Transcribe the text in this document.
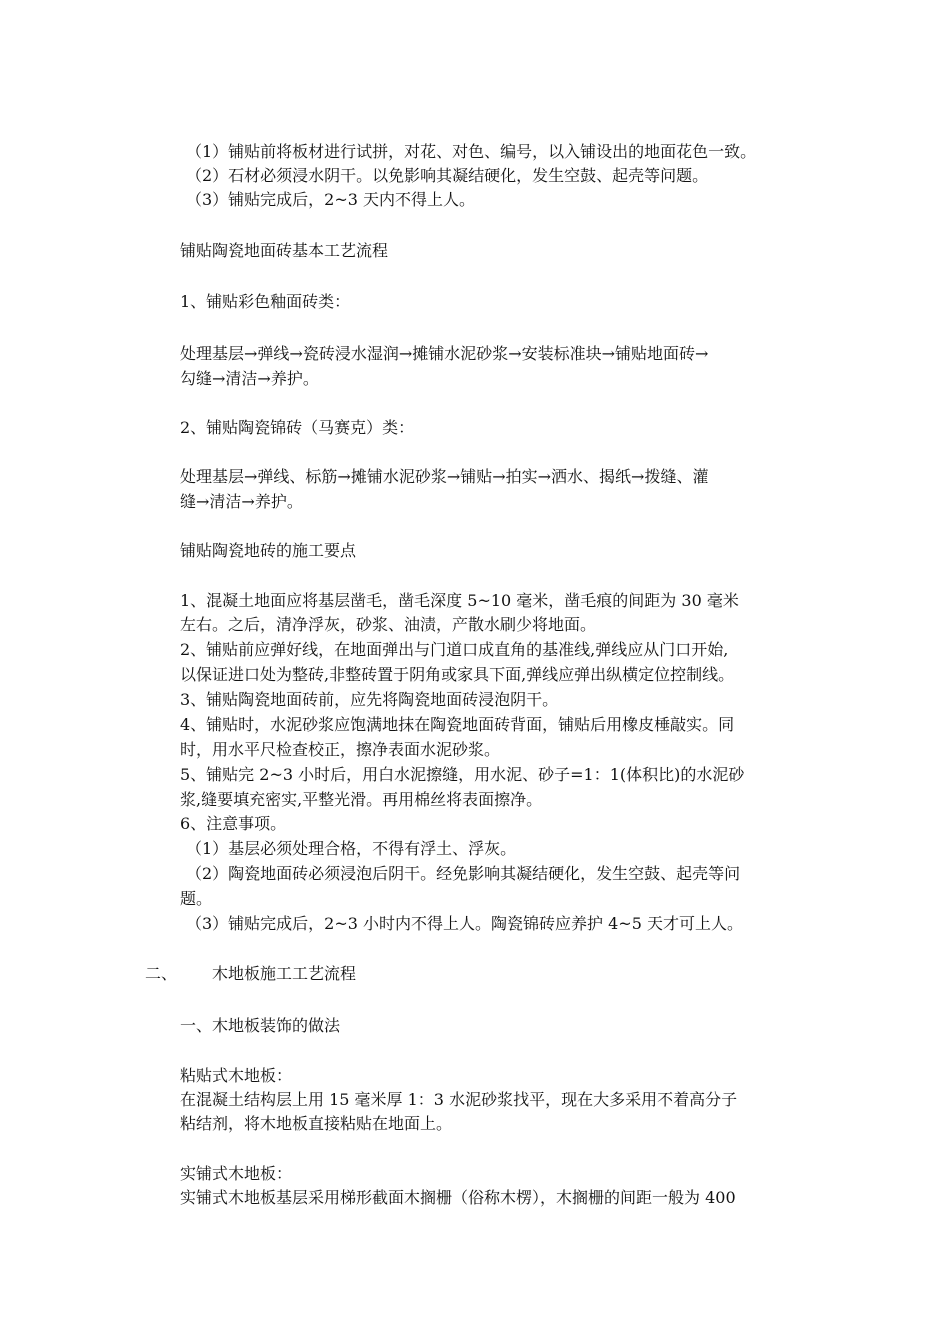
（1）铺贴前将板材进行试拼，对花、对色、编号，以入铺设出的地面花色一致。
（2）石材必须浸水阴干。以免影响其凝结硬化，发生空鼓、起壳等问题。
（3）铺贴完成后，2~3 天内不得上人。
铺贴陶瓷地面砖基本工艺流程
1、铺贴彩色釉面砖类：
处理基层→弹线→瓷砖浸水湿润→摊铺水泥砂浆→安装标准块→铺贴地面砖→
勾缝→清洁→养护。
2、铺贴陶瓷锦砖（马赛克）类：
处理基层→弹线、标筋→摊铺水泥砂浆→铺贴→拍实→洒水、揭纸→拨缝、灌
缝→清洁→养护。
铺贴陶瓷地砖的施工要点
1、混凝土地面应将基层凿毛，凿毛深度 5~10 毫米，凿毛痕的间距为 30 毫米
左右。之后，清净浮灰，砂浆、油渍，产散水刷少将地面。
2、铺贴前应弹好线，在地面弹出与门道口成直角的基准线,弹线应从门口开始,
以保证进口处为整砖,非整砖置于阴角或家具下面,弹线应弹出纵横定位控制线。
3、铺贴陶瓷地面砖前，应先将陶瓷地面砖浸泡阴干。
4、铺贴时，水泥砂浆应饱满地抹在陶瓷地面砖背面，铺贴后用橡皮棰敲实。同
时，用水平尺检查校正，擦净表面水泥砂浆。
5、铺贴完 2~3 小时后，用白水泥擦缝，用水泥、砂子=1：1(体积比)的水泥砂
浆,缝要填充密实,平整光滑。再用棉丝将表面擦净。
6、注意事项。
（1）基层必须处理合格，不得有浮土、浮灰。
（2）陶瓷地面砖必须浸泡后阴干。经免影响其凝结硬化，发生空鼓、起壳等问
题。
（3）铺贴完成后，2~3 小时内不得上人。陶瓷锦砖应养护 4~5 天才可上人。
二、 木地板施工工艺流程
一、木地板装饰的做法
粘贴式木地板：
在混凝土结构层上用 15 毫米厚 1：3 水泥砂浆找平，现在大多采用不着高分子
粘结剂，将木地板直接粘贴在地面上。
实铺式木地板：
实铺式木地板基层采用梯形截面木搁栅（俗称木楞），木搁栅的间距一般为 400
